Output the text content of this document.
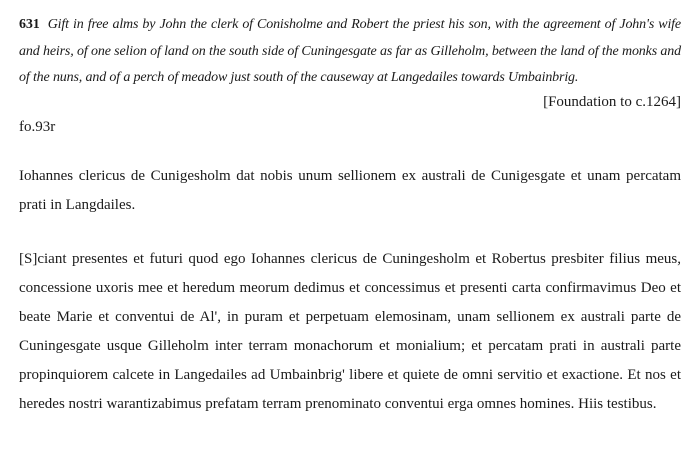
631 Gift in free alms by John the clerk of Conisholme and Robert the priest his son, with the agreement of John's wife and heirs, of one selion of land on the south side of Cuningesgate as far as Gilleholm, between the land of the monks and of the nuns, and of a perch of meadow just south of the causeway at Langedailes towards Umbainbrig.

[Foundation to c.1264]

fo.93r

Iohannes clericus de Cunigesholm dat nobis unum sellionem ex australi de Cunigesgate et unam percatam prati in Langdailes.

[S]ciant presentes et futuri quod ego Iohannes clericus de Cuningesholm et Robertus presbiter filius meus, concessione uxoris mee et heredum meorum dedimus et concessimus et presenti carta confirmavimus Deo et beate Marie et conventui de Al', in puram et perpetuam elemosinam, unam sellionem ex australi parte de Cuningesgate usque Gilleholm inter terram monachorum et monialium; et percatam prati in australi parte propinquiorem calcete in Langedailes ad Umbainbrig' libere et quiete de omni servitio et exactione. Et nos et heredes nostri warantizabimus prefatam terram prenominato conventui erga omnes homines. Hiis testibus.
